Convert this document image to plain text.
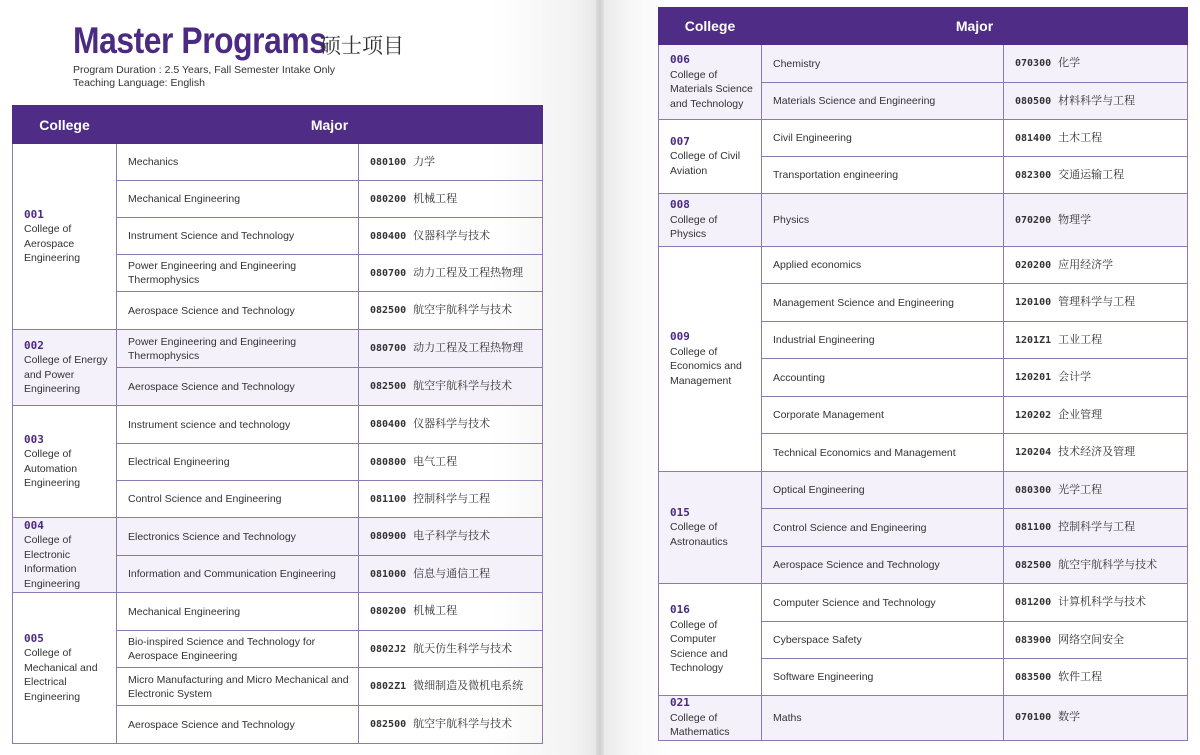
Master Programs
硕士项目
Program Duration : 2.5 Years, Fall Semester Intake Only
Teaching Language: English
College	Major	

001
College of
Aerospace
Engineering	Mechanics	080100 力学

	Mechanical Engineering	080200 机械工程

	Instrument Science and Technology	080400 仪器科学与技术

	Power Engineering and Engineering Thermophysics	080700 动力工程及工程热物理

	Aerospace Science and Technology	082500 航空宇航科学与技术

002
College of Energy
and Power
Engineering	Power Engineering and Engineering Thermophysics	080700 动力工程及工程热物理

	Aerospace Science and Technology	082500 航空宇航科学与技术

003
College of
Automation
Engineering	Instrument science and technology	080400 仪器科学与技术

	Electrical Engineering	080800 电气工程

	Control Science and Engineering	081100 控制科学与工程

004
College of Electronic
Information
Engineering	Electronics Science and Technology	080900 电子科学与技术

	Information and Communication Engineering	081000 信息与通信工程

005
College of
Mechanical and
Electrical
Engineering	Mechanical Engineering	080200 机械工程

	Bio-inspired Science and Technology for Aerospace Engineering	0802J2 航天仿生科学与技术

	Micro Manufacturing and Micro Mechanical and Electronic System	0802Z1 微细制造及微机电系统

	Aerospace Science and Technology	082500 航空宇航科学与技术
College	Major	

006
College of
Materials Science
and Technology	Chemistry	070300 化学

	Materials Science and Engineering	080500 材料科学与工程

007
College of Civil
Aviation	Civil Engineering	081400 土木工程

	Transportation engineering	082300 交通运输工程

008
College of
Physics	Physics	070200 物理学

009
College of
Economics and
Management	Applied economics	020200 应用经济学

	Management Science and Engineering	120100 管理科学与工程

	Industrial Engineering	1201Z1 工业工程

	Accounting	120201 会计学

	Corporate Management	120202 企业管理

	Technical Economics and Management	120204 技术经济及管理

015
College of
Astronautics	Optical Engineering	080300 光学工程

	Control Science and Engineering	081100 控制科学与工程

	Aerospace Science and Technology	082500 航空宇航科学与技术

016
College of
Computer
Science and
Technology	Computer Science and Technology	081200 计算机科学与技术

	Cyberspace Safety	083900 网络空间安全

	Software Engineering	083500 软件工程

021
College of
Mathematics	Maths	070100 数学
